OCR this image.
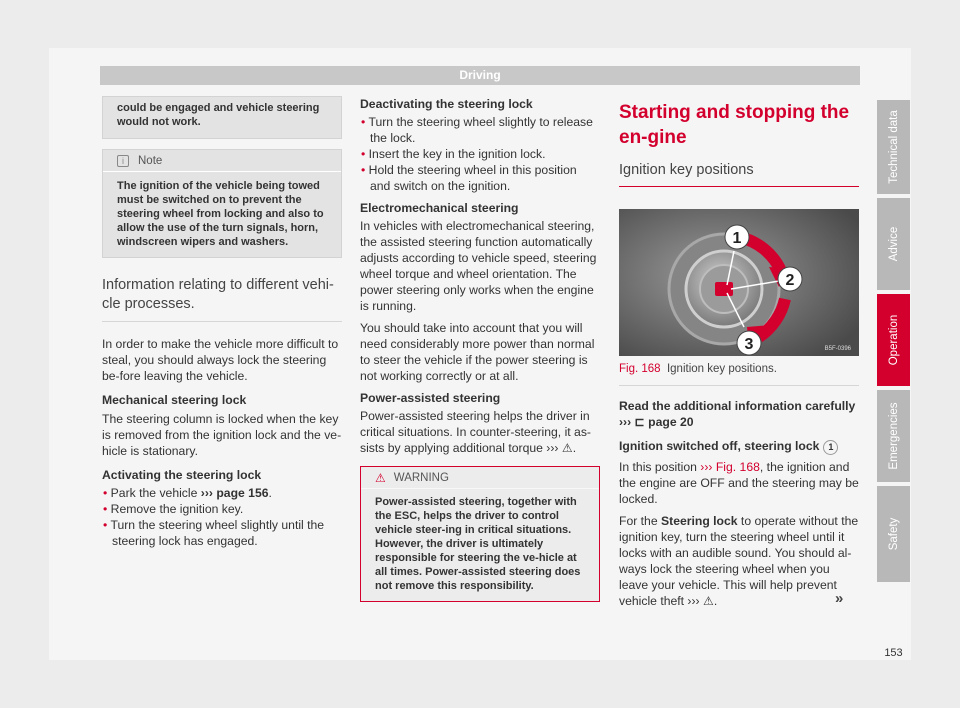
Driving
could be engaged and vehicle steering would not work.
i	Note
The ignition of the vehicle being towed must be switched on to prevent the steering wheel from locking and also to allow the use of the turn signals, horn, windscreen wipers and washers.
Information relating to different vehi-cle processes.

In order to make the vehicle more difficult to steal, you should always lock the steering be-fore leaving the vehicle.

Mechanical steering lock

The steering column is locked when the key is removed from the ignition lock and the ve-hicle is stationary.

Activating the steering lock

• Park the vehicle ››› page 156.

• Remove the ignition key.

• Turn the steering wheel slightly until the steering lock has engaged.

Deactivating the steering lock

• Turn the steering wheel slightly to release the lock.

• Insert the key in the ignition lock.

• Hold the steering wheel in this position and switch on the ignition.

Electromechanical steering

In vehicles with electromechanical steering, the assisted steering function automatically adjusts according to vehicle speed, steering wheel torque and wheel orientation. The power steering only works when the engine is running.

You should take into account that you will need considerably more power than normal to steer the vehicle if the power steering is not working correctly or at all.

Power-assisted steering

Power-assisted steering helps the driver in critical situations. In counter-steering, it as-sists by applying additional torque ››› ⚠.

⚠ WARNING
Power-assisted steering, together with the ESC, helps the driver to control vehicle steer-ing in critical situations. However, the driver is ultimately responsible for steering the ve-hicle at all times. Power-assisted steering does not remove this responsibility.
Starting and stopping the en-gine
Ignition key positions
1
2
3	B5F-0396
Fig. 168 Ignition key positions.

Read the additional information carefully

››› ⊏ page 20

Ignition switched off, steering lock 1

In this position ››› Fig. 168, the ignition and the engine are OFF and the steering may be locked.

For the Steering lock to operate without the ignition key, turn the steering wheel until it locks with an audible sound. You should al-ways lock the steering wheel when you leave your vehicle. This will help prevent vehicle theft ››› ⚠.	»
Technical data
Advice
Operation
Emergencies
Safety
153
